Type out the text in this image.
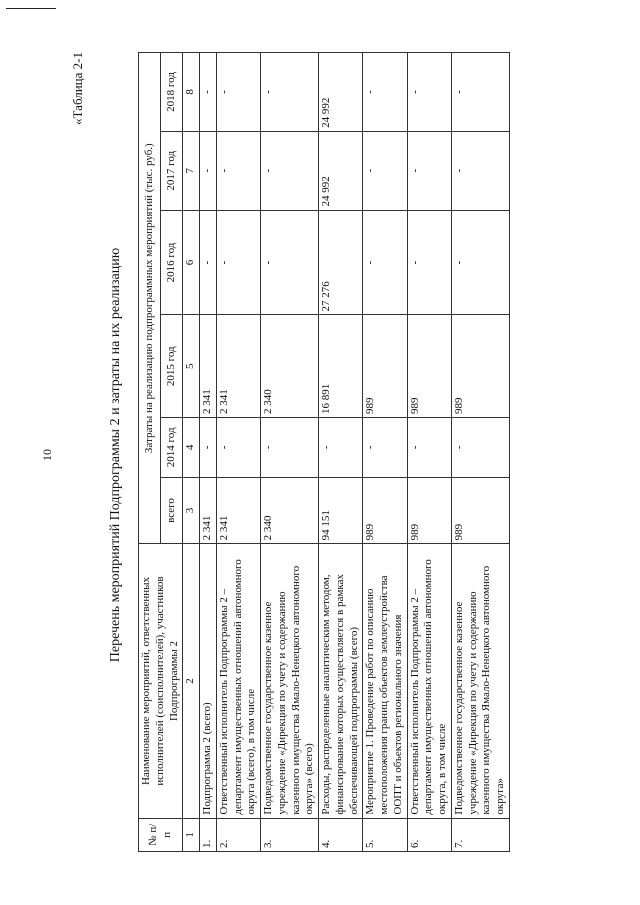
10
«Таблица 2-1
Перечень мероприятий Подпрограммы 2 и затраты на их реализацию
№ п/п	Наименование мероприятий, ответственных исполнителей (соисполнителей), участников Подпрограммы 2	Затраты на реализацию подпрограммных мероприятий (тыс. руб.)					
		всего	2014 год	2015 год	2016 год	2017 год	2018 год
1	2	3	4	5	6	7	8
1.	Подпрограмма 2 (всего)	2 341	-	2 341	-	-	-
2.	Ответственный исполнитель Подпрограммы 2 – департамент имущественных отношений автономного округа (всего), в том числе	2 341	-	2 341	-	-	-
3.	Подведомственное государственное казенное учреждение «Дирекция по учету и содержанию казенного имущества Ямало-Ненецкого автономного округа» (всего)	2 340	-	2 340	-	-	-
4.	Расходы, распределенные аналитическим методом, финансирование которых осуществляется в рамках обеспечивающей подпрограммы (всего)	94 151	-	16 891	27 276	24 992	24 992
5.	Мероприятие 1. Проведение работ по описанию местоположения границ объектов землеустройства ООПТ и объектов регионального значения	989	-	989	-	-	-
6.	Ответственный исполнитель Подпрограммы 2 – департамент имущественных отношений автономного округа, в том числе	989	-	989	-	-	-
7.	Подведомственное государственное казенное учреждение «Дирекция по учету и содержанию казенного имущества Ямало-Ненецкого автономного округа»	989	-	989	-	-	-
